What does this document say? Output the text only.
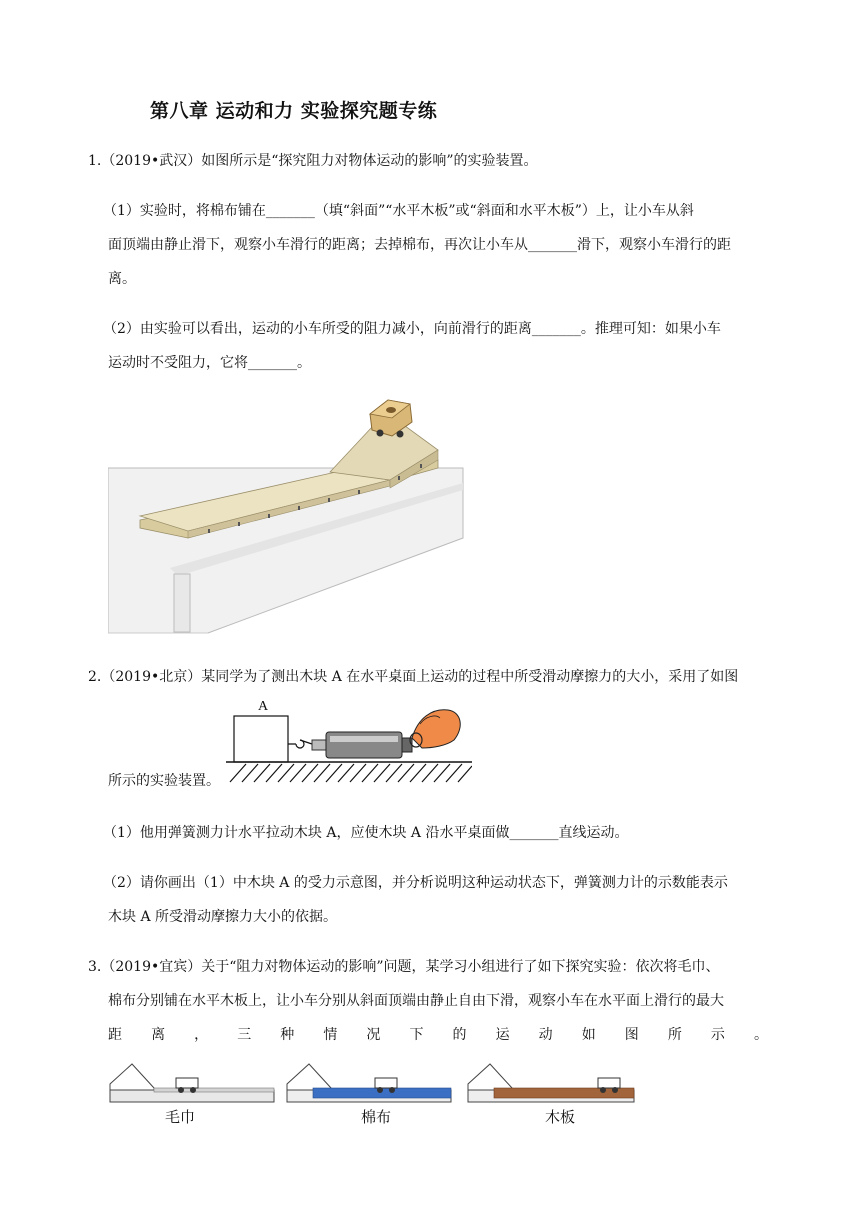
第八章 运动和力 实验探究题专练
1.（2019•武汉）如图所示是“探究阻力对物体运动的影响”的实验装置。
（1）实验时，将棉布铺在_______（填“斜面”“水平木板”或“斜面和水平木板”）上，让小车从斜
面顶端由静止滑下，观察小车滑行的距离；去掉棉布，再次让小车从_______滑下，观察小车滑行的距
离。
（2）由实验可以看出，运动的小车所受的阻力减小，向前滑行的距离_______。推理可知：如果小车
运动时不受阻力，它将_______。
2.（2019•北京）某同学为了测出木块 A 在水平桌面上运动的过程中所受滑动摩擦力的大小，采用了如图
A
所示的实验装置。
（1）他用弹簧测力计水平拉动木块 A，应使木块 A 沿水平桌面做_______直线运动。
（2）请你画出（1）中木块 A 的受力示意图，并分析说明这种运动状态下，弹簧测力计的示数能表示
木块 A 所受滑动摩擦力大小的依据。
3.（2019•宜宾）关于“阻力对物体运动的影响”问题，某学习小组进行了如下探究实验：依次将毛巾、
棉布分别铺在水平木板上，让小车分别从斜面顶端由静止自由下滑，观察小车在水平面上滑行的最大
距 离 ， 三 种 情 况 下 的 运 动 如 图 所 示 。
毛巾	棉布	木板
